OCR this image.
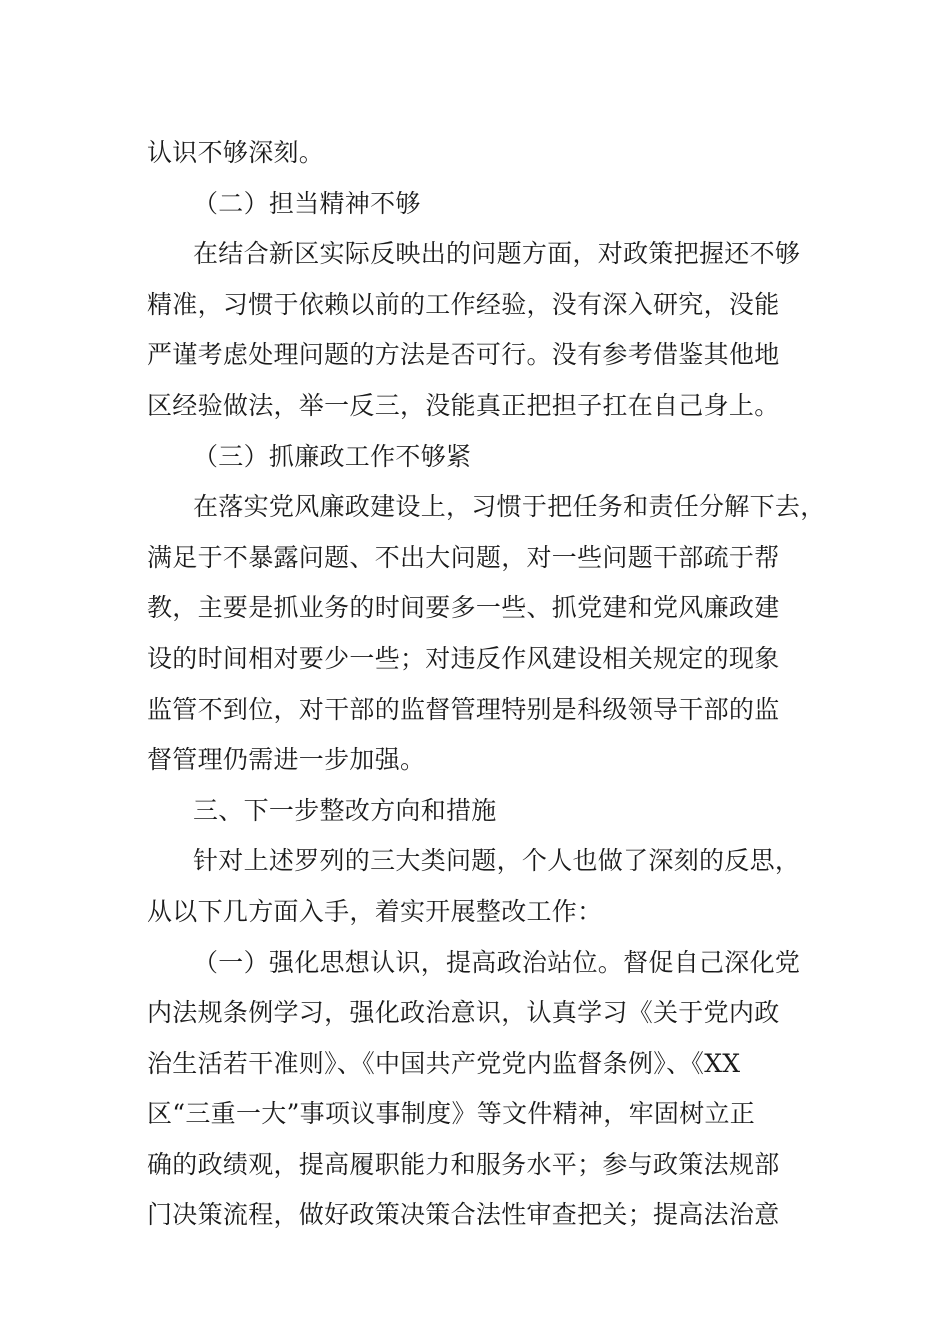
认识不够深刻。
（二）担当精神不够
在结合新区实际反映出的问题方面，对政策把握还不够
精准，习惯于依赖以前的工作经验，没有深入研究，没能
严谨考虑处理问题的方法是否可行。没有参考借鉴其他地
区经验做法，举一反三，没能真正把担子扛在自己身上。
（三）抓廉政工作不够紧
在落实党风廉政建设上，习惯于把任务和责任分解下去，
满足于不暴露问题、不出大问题，对一些问题干部疏于帮
教，主要是抓业务的时间要多一些、抓党建和党风廉政建
设的时间相对要少一些；对违反作风建设相关规定的现象
监管不到位，对干部的监督管理特别是科级领导干部的监
督管理仍需进一步加强。
三、下一步整改方向和措施
针对上述罗列的三大类问题，个人也做了深刻的反思，
从以下几方面入手，着实开展整改工作：
（一）强化思想认识，提高政治站位。督促自己深化党
内法规条例学习，强化政治意识，认真学习《关于党内政
治生活若干准则》、《中国共产党党内监督条例》、《XX
区“三重一大”事项议事制度》等文件精神，牢固树立正
确的政绩观，提高履职能力和服务水平；参与政策法规部
门决策流程，做好政策决策合法性审查把关；提高法治意
